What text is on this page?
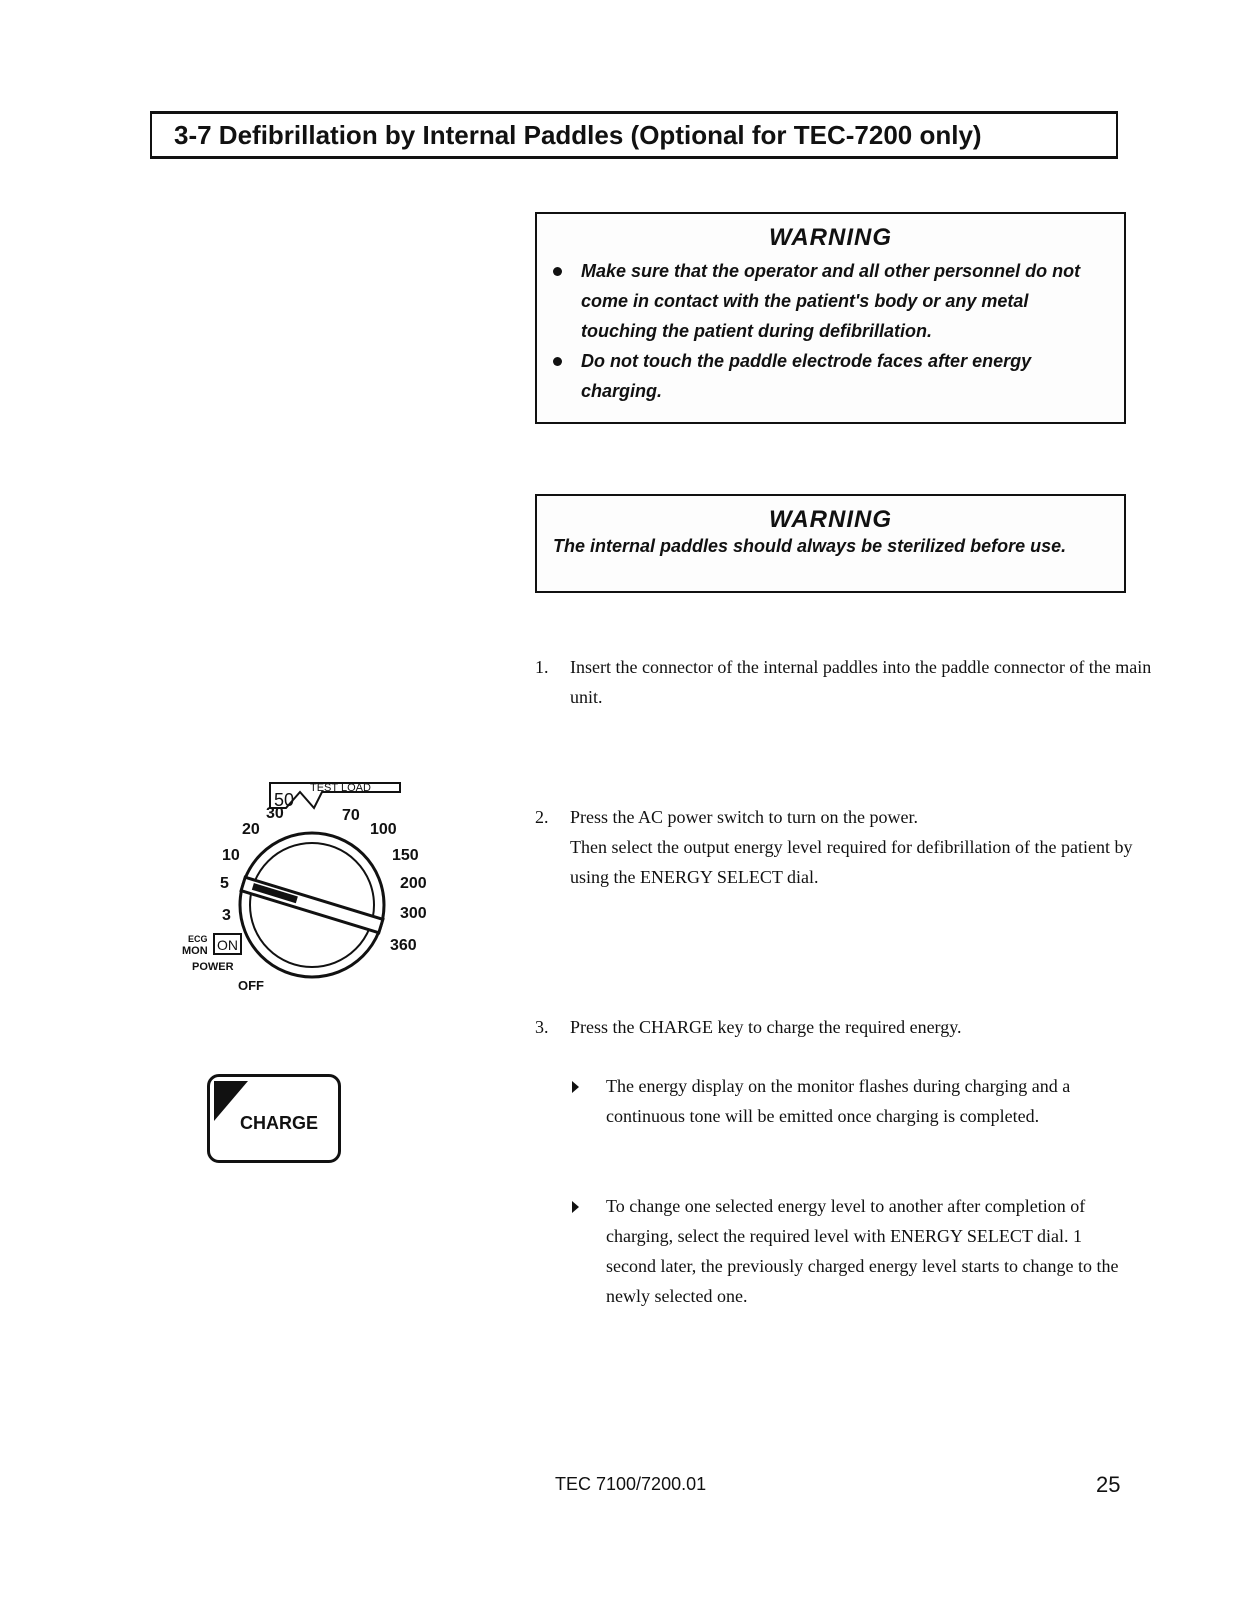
3-7 Defibrillation by Internal Paddles (Optional for TEC-7200 only)
WARNING
Make sure that the operator and all other personnel do not come in contact with the patient's body or any metal touching the patient during defibrillation.
Do not touch the paddle electrode faces after energy charging.
WARNING
The internal paddles should always be sterilized before use.
1. Insert the connector of the internal paddles into the paddle connector of the main unit.
2. Press the AC power switch to turn on the power.
Then select the output energy level required for defibrillation of the patient by using the ENERGY SELECT dial.
3. Press the CHARGE key to charge the required energy.
The energy display on the monitor flashes during charging and a continuous tone will be emitted once charging is completed.
To change one selected energy level to another after completion of charging, select the required level with ENERGY SELECT dial. 1 second later, the previously charged energy level starts to change to the newly selected one.
TEST LOAD
50
30
20
10
5
3
70
100
150
200
300
360
ECG
MON ON
POWER
OFF
CHARGE
TEC 7100/7200.01	25
